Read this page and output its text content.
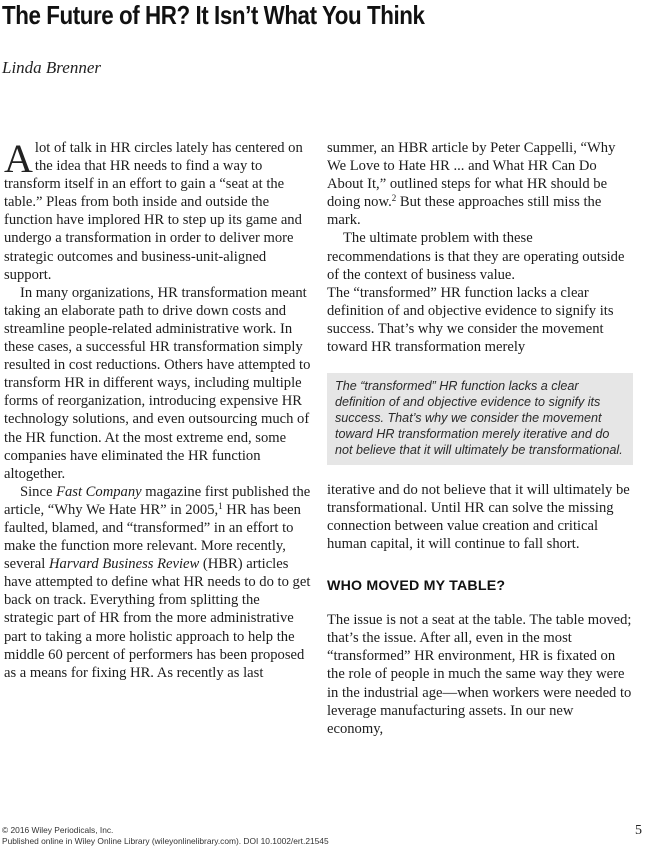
The Future of HR? It Isn’t What You Think
Linda Brenner

Alot of talk in HR circles lately has centered on the idea that HR needs to find a way to transform itself in an effort to gain a “seat at the table.” Pleas from both inside and outside the function have implored HR to step up its game and undergo a transformation in order to deliver more strategic outcomes and business-unit-aligned support.

In many organizations, HR transformation meant taking an elaborate path to drive down costs and streamline people-related administrative work. In these cases, a successful HR transformation simply resulted in cost reductions. Others have attempted to transform HR in different ways, including multiple forms of reorganization, introducing expensive HR technology solutions, and even outsourcing much of the HR function. At the most extreme end, some companies have eliminated the HR function altogether.

Since Fast Company magazine first published the article, “Why We Hate HR” in 2005,$^1$ HR has been faulted, blamed, and “transformed” in an effort to make the function more relevant. More recently, several Harvard Business Review (HBR) articles have attempted to define what HR needs to do to get back on track. Everything from splitting the strategic part of HR from the more administrative part to taking a more holistic approach to help the middle 60 percent of performers has been proposed as a means for fixing HR. As recently as last

summer, an HBR article by Peter Cappelli, “Why We Love to Hate HR ... and What HR Can Do About It,” outlined steps for what HR should be doing now.$^2$ But these approaches still miss the mark.

The ultimate problem with these recommendations is that they are operating outside of the context of business value.

The “transformed” HR function lacks a clear definition of and objective evidence to signify its success. That’s why we consider the movement toward HR transformation merely

The “transformed” HR function lacks a clear definition of and objective evidence to signify its success. That’s why we consider the movement toward HR transformation merely iterative and do not believe that it will ultimately be transformational.

iterative and do not believe that it will ultimately be transformational. Until HR can solve the missing connection between value creation and critical human capital, it will continue to fall short.

WHO MOVED MY TABLE?

The issue is not a seat at the table. The table moved; that’s the issue. After all, even in the most “transformed” HR environment, HR is fixated on the role of people in much the same way they were in the industrial age—when workers were needed to leverage manufacturing assets. In our new economy,

© 2016 Wiley Periodicals, Inc.
Published online in Wiley Online Library (wileyonlinelibrary.com). DOI 10.1002/ert.21545
5
